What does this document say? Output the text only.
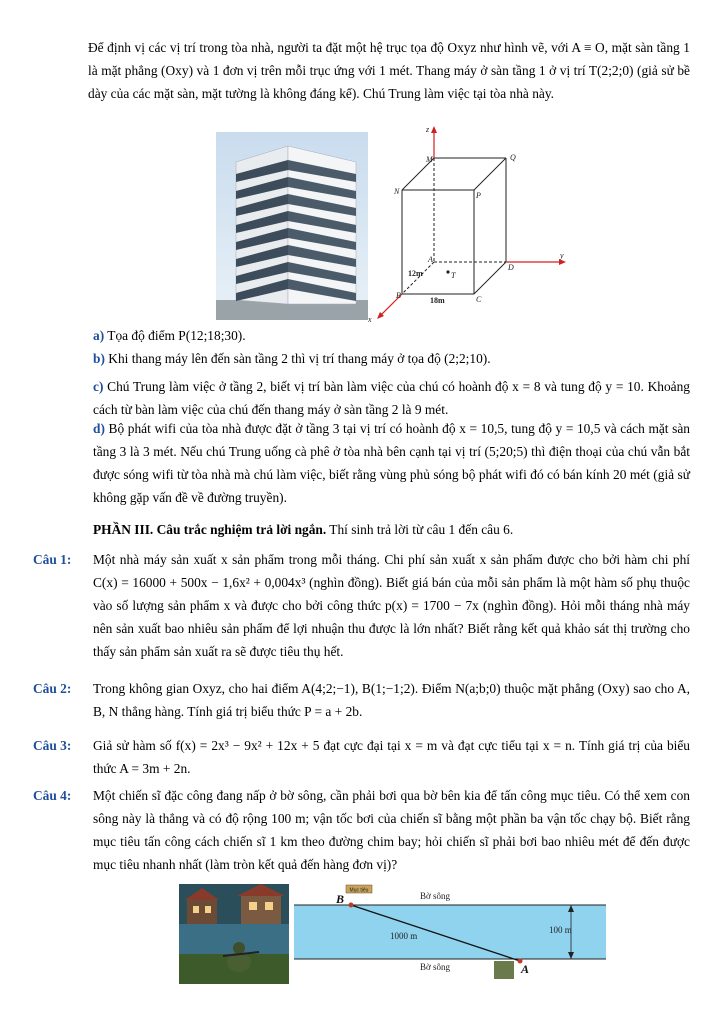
Để định vị các vị trí trong tòa nhà, người ta đặt một hệ trục tọa độ Oxyz như hình vẽ, với A ≡ O, mặt sàn tầng 1 là mặt phẳng (Oxy) và 1 đơn vị trên mỗi trục ứng với 1 mét. Thang máy ở sàn tầng 1 ở vị trí T(2;2;0) (giả sử bề dày của các mặt sàn, mặt tường là không đáng kể). Chú Trung làm việc tại tòa nhà này.
z
M	Q
N	P
A
T
D
y
B	C
x
12m
18m
a) Tọa độ điểm P(12;18;30).
b) Khi thang máy lên đến sàn tầng 2 thì vị trí thang máy ở tọa độ (2;2;10).
c) Chú Trung làm việc ở tầng 2, biết vị trí bàn làm việc của chú có hoành độ x = 8 và tung độ y = 10. Khoảng cách từ bàn làm việc của chú đến thang máy ở sàn tầng 2 là 9 mét.
d) Bộ phát wifi của tòa nhà được đặt ở tầng 3 tại vị trí có hoành độ x = 10,5, tung độ y = 10,5 và cách mặt sàn tầng 3 là 3 mét. Nếu chú Trung uống cà phê ở tòa nhà bên cạnh tại vị trí (5;20;5) thì điện thoại của chú vẫn bắt được sóng wifi từ tòa nhà mà chú làm việc, biết rằng vùng phủ sóng bộ phát wifi đó có bán kính 20 mét (giả sử không gặp vấn đề về đường truyền).
PHẦN III. Câu trắc nghiệm trả lời ngắn. Thí sinh trả lời từ câu 1 đến câu 6.
Câu 1: Một nhà máy sản xuất x sản phẩm trong mỗi tháng. Chi phí sản xuất x sản phẩm được cho bởi hàm chi phí C(x) = 16000 + 500x − 1,6x² + 0,004x³ (nghìn đồng). Biết giá bán của mỗi sản phẩm là một hàm số phụ thuộc vào số lượng sản phẩm x và được cho bởi công thức p(x) = 1700 − 7x (nghìn đồng). Hỏi mỗi tháng nhà máy nên sản xuất bao nhiêu sản phẩm để lợi nhuận thu được là lớn nhất? Biết rằng kết quả khảo sát thị trường cho thấy sản phẩm sản xuất ra sẽ được tiêu thụ hết.
Câu 2: Trong không gian Oxyz, cho hai điểm A(4;2;−1), B(1;−1;2). Điểm N(a;b;0) thuộc mặt phẳng (Oxy) sao cho A, B, N thẳng hàng. Tính giá trị biểu thức P = a + 2b.
Câu 3: Giả sử hàm số f(x) = 2x³ − 9x² + 12x + 5 đạt cực đại tại x = m và đạt cực tiểu tại x = n. Tính giá trị của biểu thức A = 3m + 2n.
Câu 4: Một chiến sĩ đặc công đang nấp ở bờ sông, cần phải bơi qua bờ bên kia để tấn công mục tiêu. Có thể xem con sông này là thẳng và có độ rộng 100 m; vận tốc bơi của chiến sĩ bằng một phần ba vận tốc chạy bộ. Biết rằng mục tiêu tấn công cách chiến sĩ 1 km theo đường chim bay; hỏi chiến sĩ phải bơi bao nhiêu mét để đến được mục tiêu nhanh nhất (làm tròn kết quả đến hàng đơn vị)?
Mục tiêu
Bờ sông
Bờ sông
1000 m
100 m
B
A
